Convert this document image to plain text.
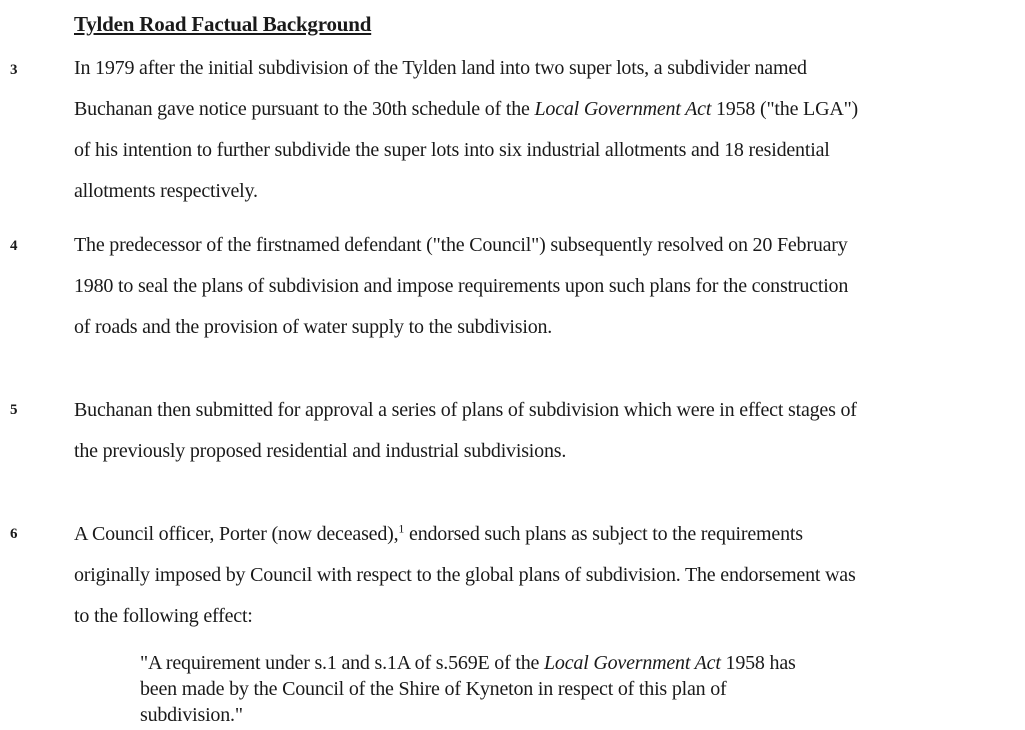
Tylden Road Factual Background
3	In 1979 after the initial subdivision of the Tylden land into two super lots, a subdivider named Buchanan gave notice pursuant to the 30th schedule of the Local Government Act 1958 ("the LGA") of his intention to further subdivide the super lots into six industrial allotments and 18 residential allotments respectively.
4	The predecessor of the firstnamed defendant ("the Council") subsequently resolved on 20 February 1980 to seal the plans of subdivision and impose requirements upon such plans for the construction of roads and the provision of water supply to the subdivision.
5	Buchanan then submitted for approval a series of plans of subdivision which were in effect stages of the previously proposed residential and industrial subdivisions.
6	A Council officer, Porter (now deceased),$^1$ endorsed such plans as subject to the requirements originally imposed by Council with respect to the global plans of subdivision. The endorsement was to the following effect:
"A requirement under s.1 and s.1A of s.569E of the Local Government Act 1958 has been made by the Council of the Shire of Kyneton in respect of this plan of subdivision."
